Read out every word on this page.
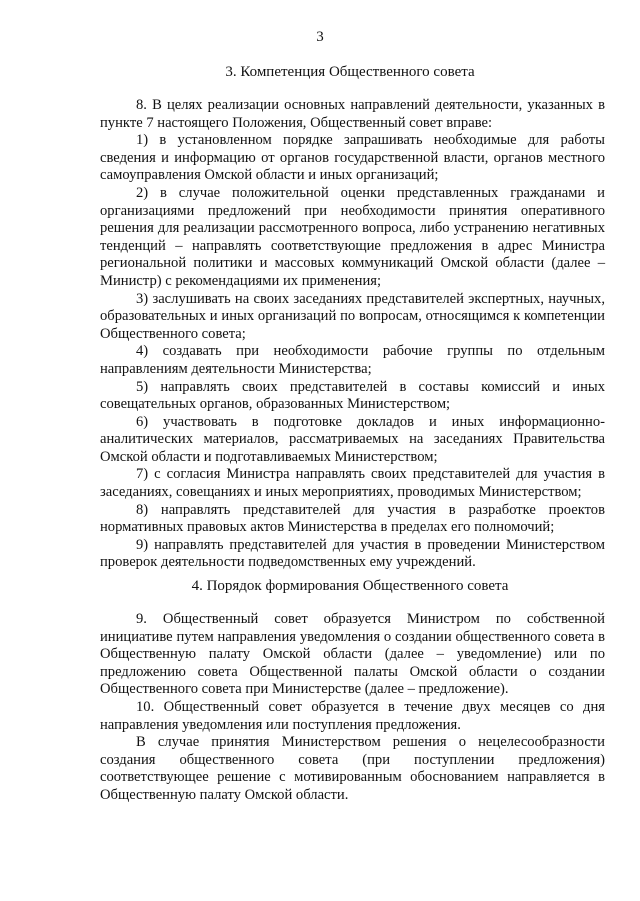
3
3. Компетенция Общественного совета

8. В целях реализации основных направлений деятельности, указанных в пункте 7 настоящего Положения, Общественный совет вправе:

1) в установленном порядке запрашивать необходимые для работы сведения и информацию от органов государственной власти, органов местного самоуправления Омской области и иных организаций;

2) в случае положительной оценки представленных гражданами и организациями предложений при необходимости принятия оперативного решения для реализации рассмотренного вопроса, либо устранению негативных тенденций – направлять соответствующие предложения в адрес Министра региональной политики и массовых коммуникаций Омской области (далее – Министр) с рекомендациями их применения;

3) заслушивать на своих заседаниях представителей экспертных, научных, образовательных и иных организаций по вопросам, относящимся к компетенции Общественного совета;

4) создавать при необходимости рабочие группы по отдельным направлениям деятельности Министерства;

5) направлять своих представителей в составы комиссий и иных совещательных органов, образованных Министерством;

6) участвовать в подготовке докладов и иных информационно-аналитических материалов, рассматриваемых на заседаниях Правительства Омской области и подготавливаемых Министерством;

7) с согласия Министра направлять своих представителей для участия в заседаниях, совещаниях и иных мероприятиях, проводимых Министерством;

8) направлять представителей для участия в разработке проектов нормативных правовых актов Министерства в пределах его полномочий;

9) направлять представителей для участия в проведении Министерством проверок деятельности подведомственных ему учреждений.

4. Порядок формирования Общественного совета

9. Общественный совет образуется Министром по собственной инициативе путем направления уведомления о создании общественного совета в Общественную палату Омской области (далее – уведомление) или по предложению совета Общественной палаты Омской области о создании Общественного совета при Министерстве (далее – предложение).

10. Общественный совет образуется в течение двух месяцев со дня направления уведомления или поступления предложения.

В случае принятия Министерством решения о нецелесообразности создания общественного совета (при поступлении предложения) соответствующее решение с мотивированным обоснованием направляется в Общественную палату Омской области.
